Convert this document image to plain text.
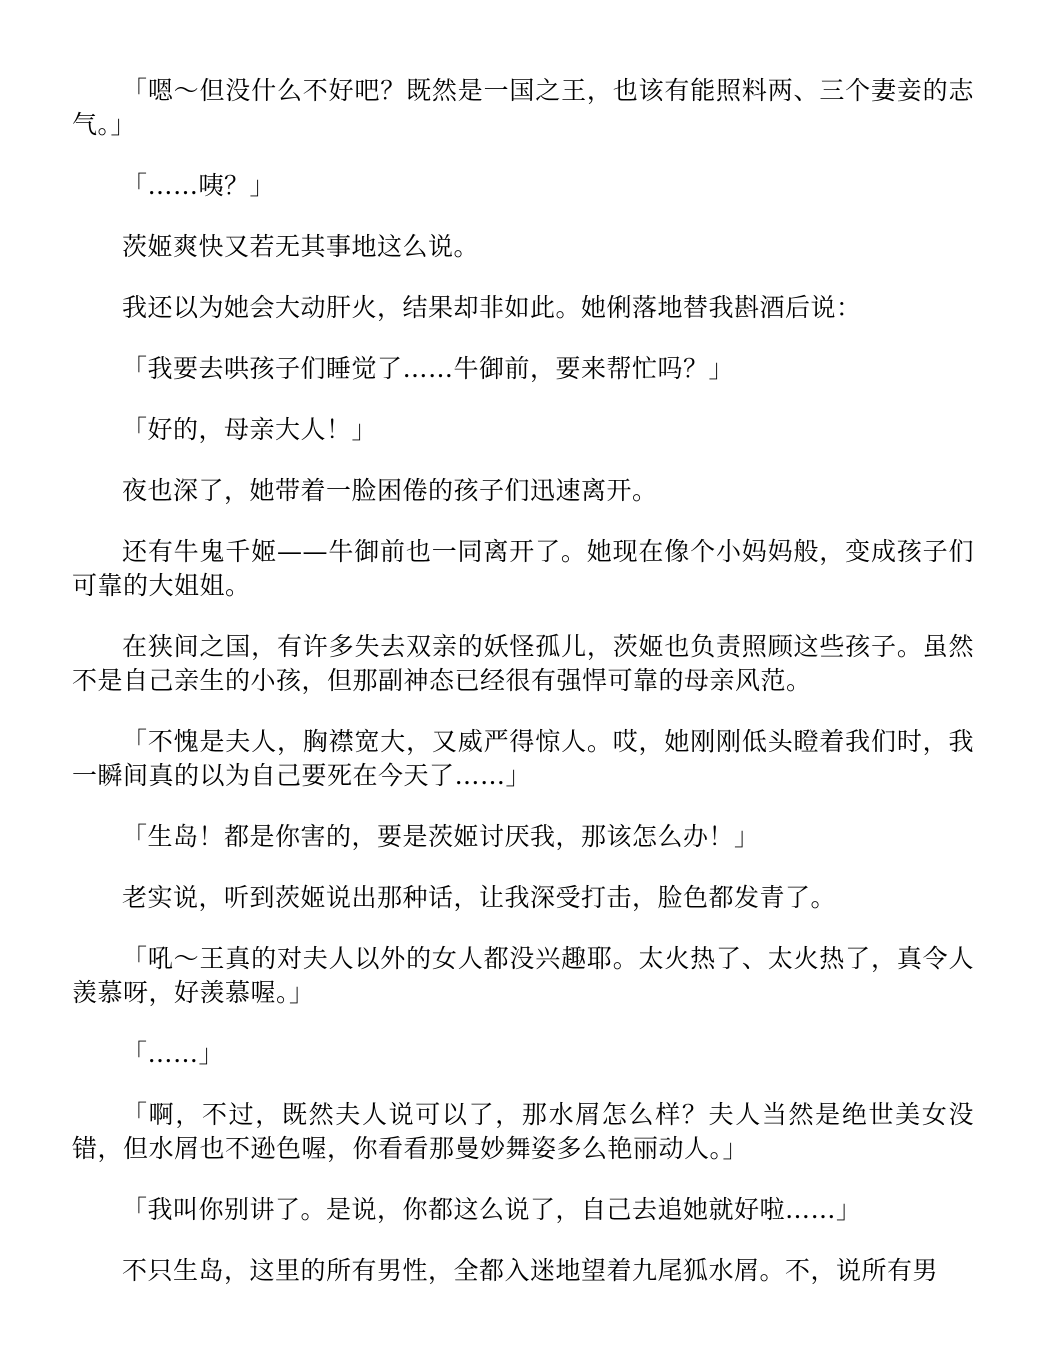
「嗯～但没什么不好吧？既然是一国之王，也该有能照料两、三个妻妾的志气。」

「……咦？」

茨姬爽快又若无其事地这么说。

我还以为她会大动肝火，结果却非如此。她俐落地替我斟酒后说：

「我要去哄孩子们睡觉了……牛御前，要来帮忙吗？」

「好的，母亲大人！」

夜也深了，她带着一脸困倦的孩子们迅速离开。

还有牛鬼千姬——牛御前也一同离开了。她现在像个小妈妈般，变成孩子们可靠的大姐姐。

在狭间之国，有许多失去双亲的妖怪孤儿，茨姬也负责照顾这些孩子。虽然不是自己亲生的小孩，但那副神态已经很有强悍可靠的母亲风范。

「不愧是夫人，胸襟宽大，又威严得惊人。哎，她刚刚低头瞪着我们时，我一瞬间真的以为自己要死在今天了……」

「生岛！都是你害的，要是茨姬讨厌我，那该怎么办！」

老实说，听到茨姬说出那种话，让我深受打击，脸色都发青了。

「吼～王真的对夫人以外的女人都没兴趣耶。太火热了、太火热了，真令人羡慕呀，好羡慕喔。」

「……」

「啊，不过，既然夫人说可以了，那水屑怎么样？夫人当然是绝世美女没错，但水屑也不逊色喔，你看看那曼妙舞姿多么艳丽动人。」

「我叫你别讲了。是说，你都这么说了，自己去追她就好啦……」

不只生岛，这里的所有男性，全都入迷地望着九尾狐水屑。不，说所有男
